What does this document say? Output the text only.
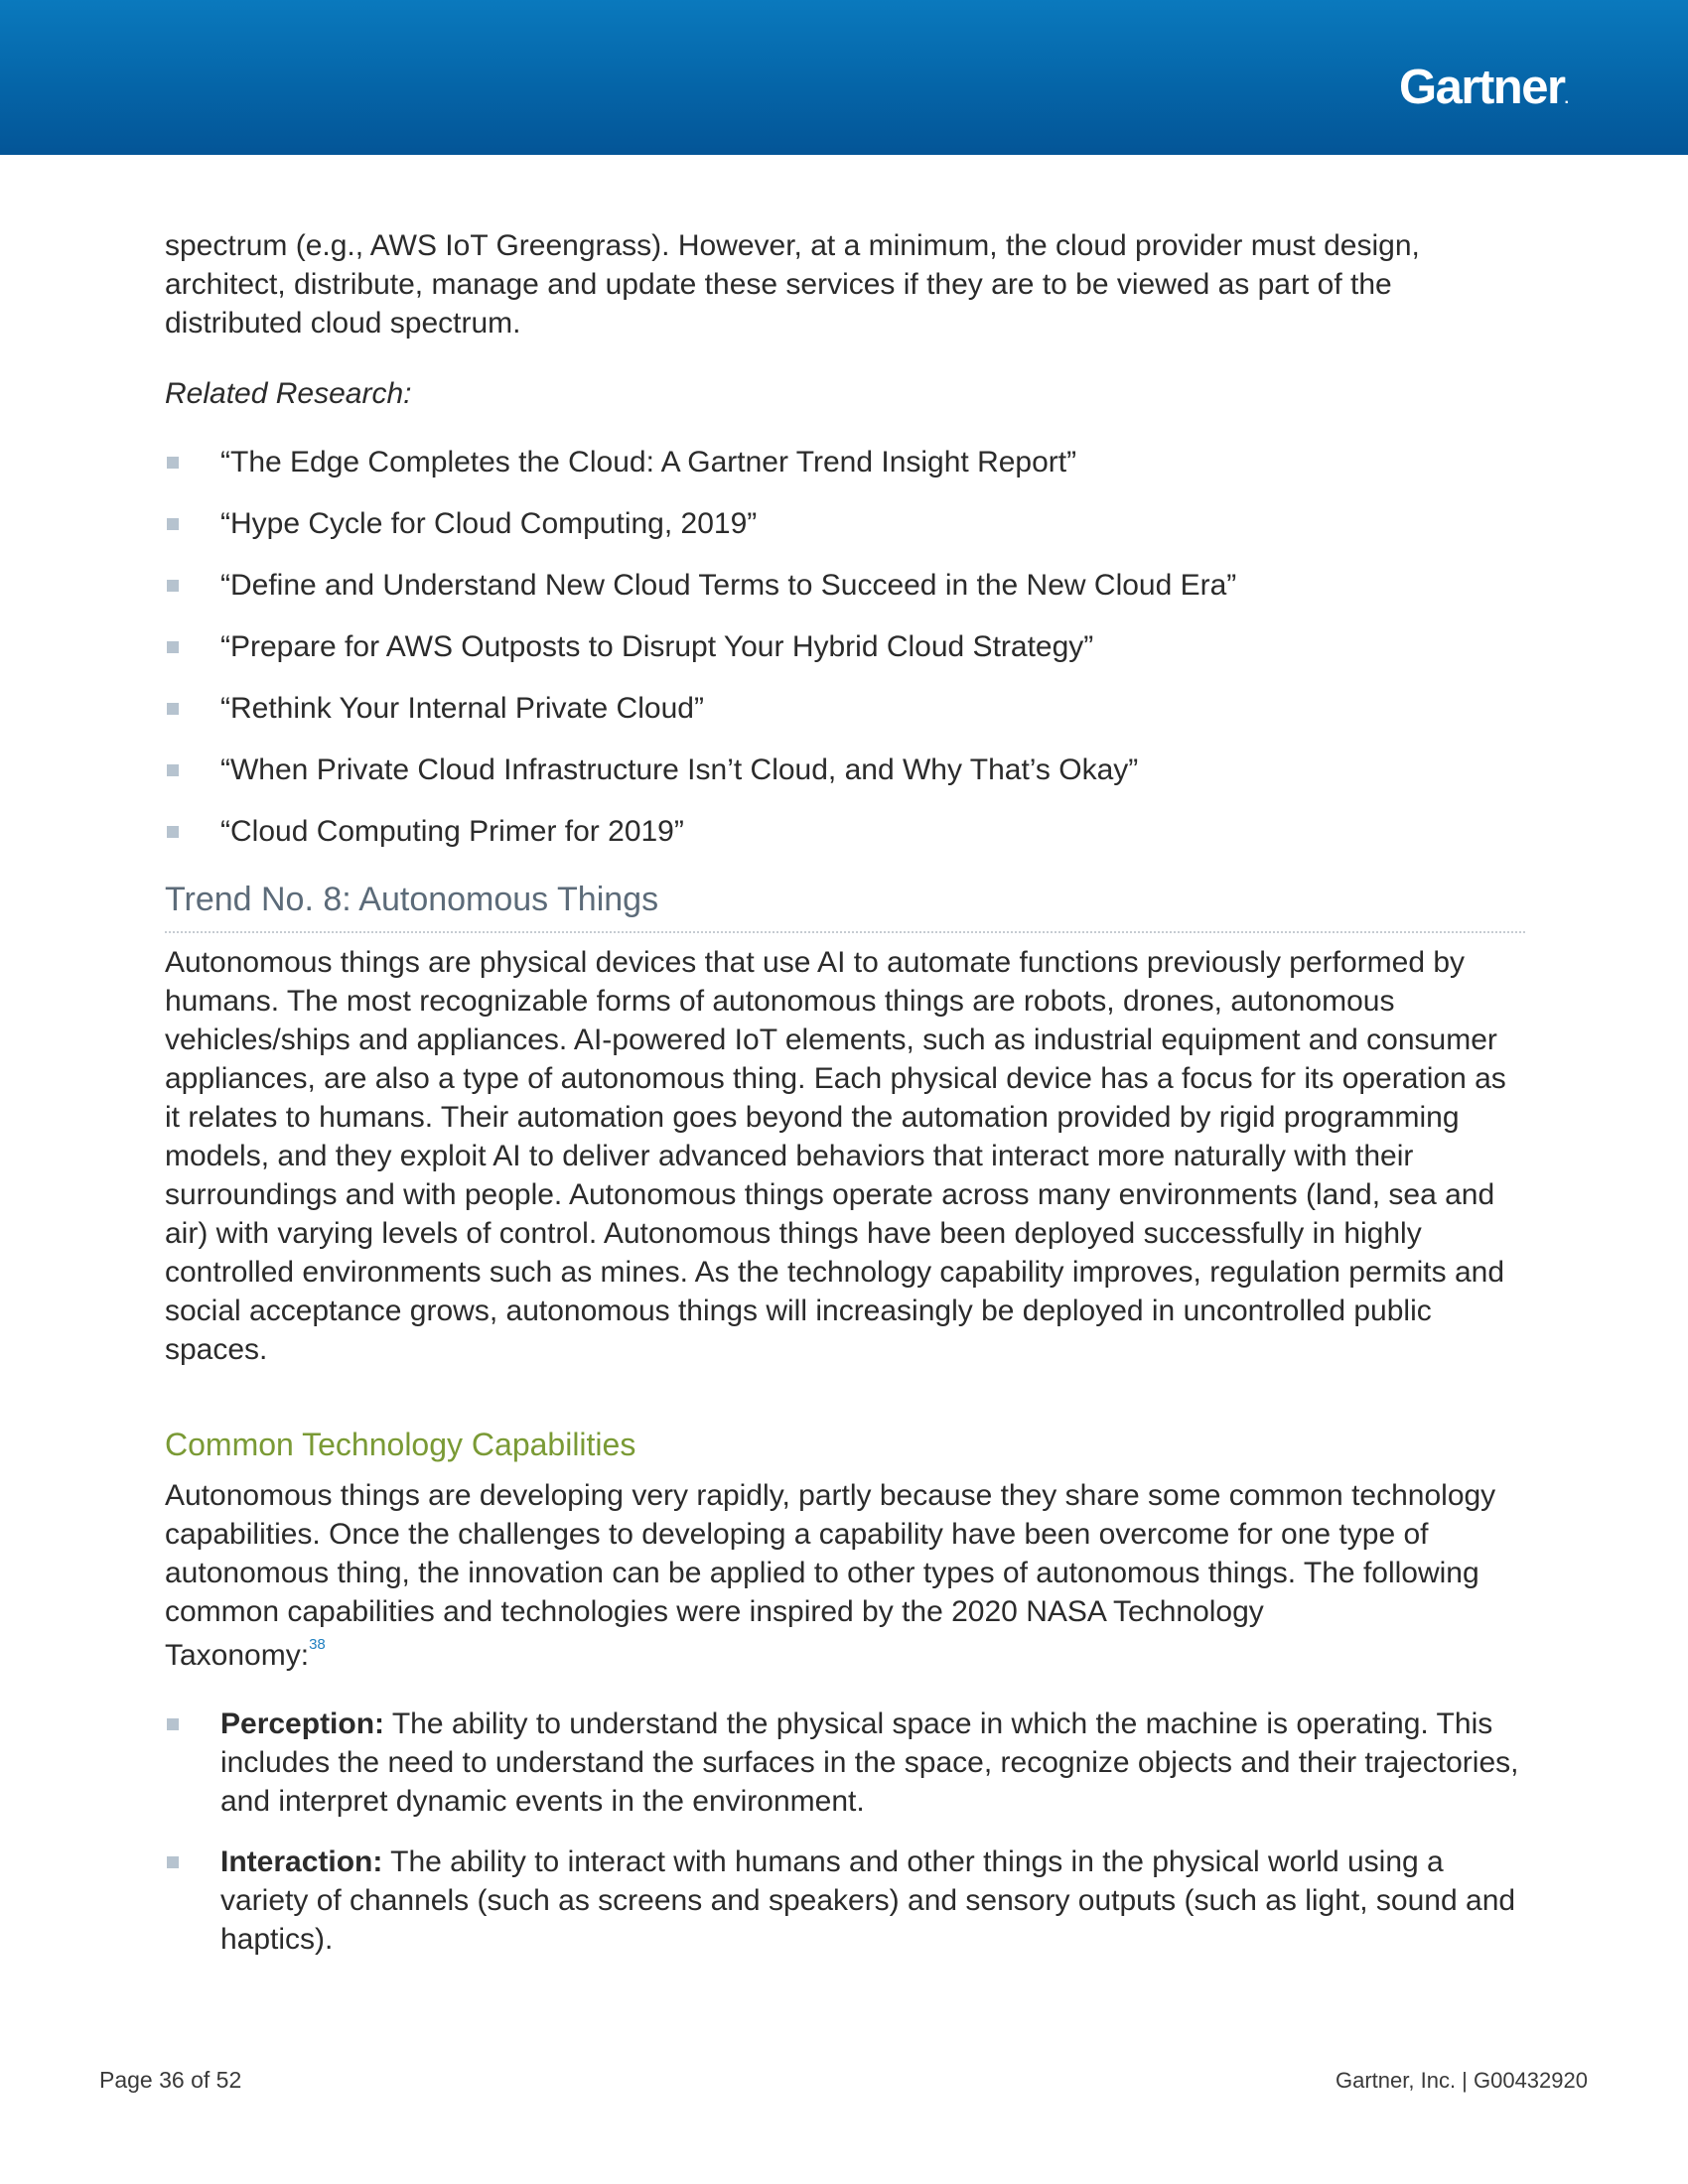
Gartner.

spectrum (e.g., AWS IoT Greengrass). However, at a minimum, the cloud provider must design, architect, distribute, manage and update these services if they are to be viewed as part of the distributed cloud spectrum.

Related Research:

“The Edge Completes the Cloud: A Gartner Trend Insight Report”
“Hype Cycle for Cloud Computing, 2019”
“Define and Understand New Cloud Terms to Succeed in the New Cloud Era”
“Prepare for AWS Outposts to Disrupt Your Hybrid Cloud Strategy”
“Rethink Your Internal Private Cloud”
“When Private Cloud Infrastructure Isn’t Cloud, and Why That’s Okay”
“Cloud Computing Primer for 2019”
Trend No. 8: Autonomous Things

Autonomous things are physical devices that use AI to automate functions previously performed by humans. The most recognizable forms of autonomous things are robots, drones, autonomous vehicles/ships and appliances. AI-powered IoT elements, such as industrial equipment and consumer appliances, are also a type of autonomous thing. Each physical device has a focus for its operation as it relates to humans. Their automation goes beyond the automation provided by rigid programming models, and they exploit AI to deliver advanced behaviors that interact more naturally with their surroundings and with people. Autonomous things operate across many environments (land, sea and air) with varying levels of control. Autonomous things have been deployed successfully in highly controlled environments such as mines. As the technology capability improves, regulation permits and social acceptance grows, autonomous things will increasingly be deployed in uncontrolled public spaces.

Common Technology Capabilities

Autonomous things are developing very rapidly, partly because they share some common technology capabilities. Once the challenges to developing a capability have been overcome for one type of autonomous thing, the innovation can be applied to other types of autonomous things. The following common capabilities and technologies were inspired by the 2020 NASA Technology

Taxonomy:$^{38}$

Perception: The ability to understand the physical space in which the machine is operating. This includes the need to understand the surfaces in the space, recognize objects and their trajectories, and interpret dynamic events in the environment.
Interaction: The ability to interact with humans and other things in the physical world using a variety of channels (such as screens and speakers) and sensory outputs (such as light, sound and haptics).
Page 36 of 52	Gartner, Inc. | G00432920
